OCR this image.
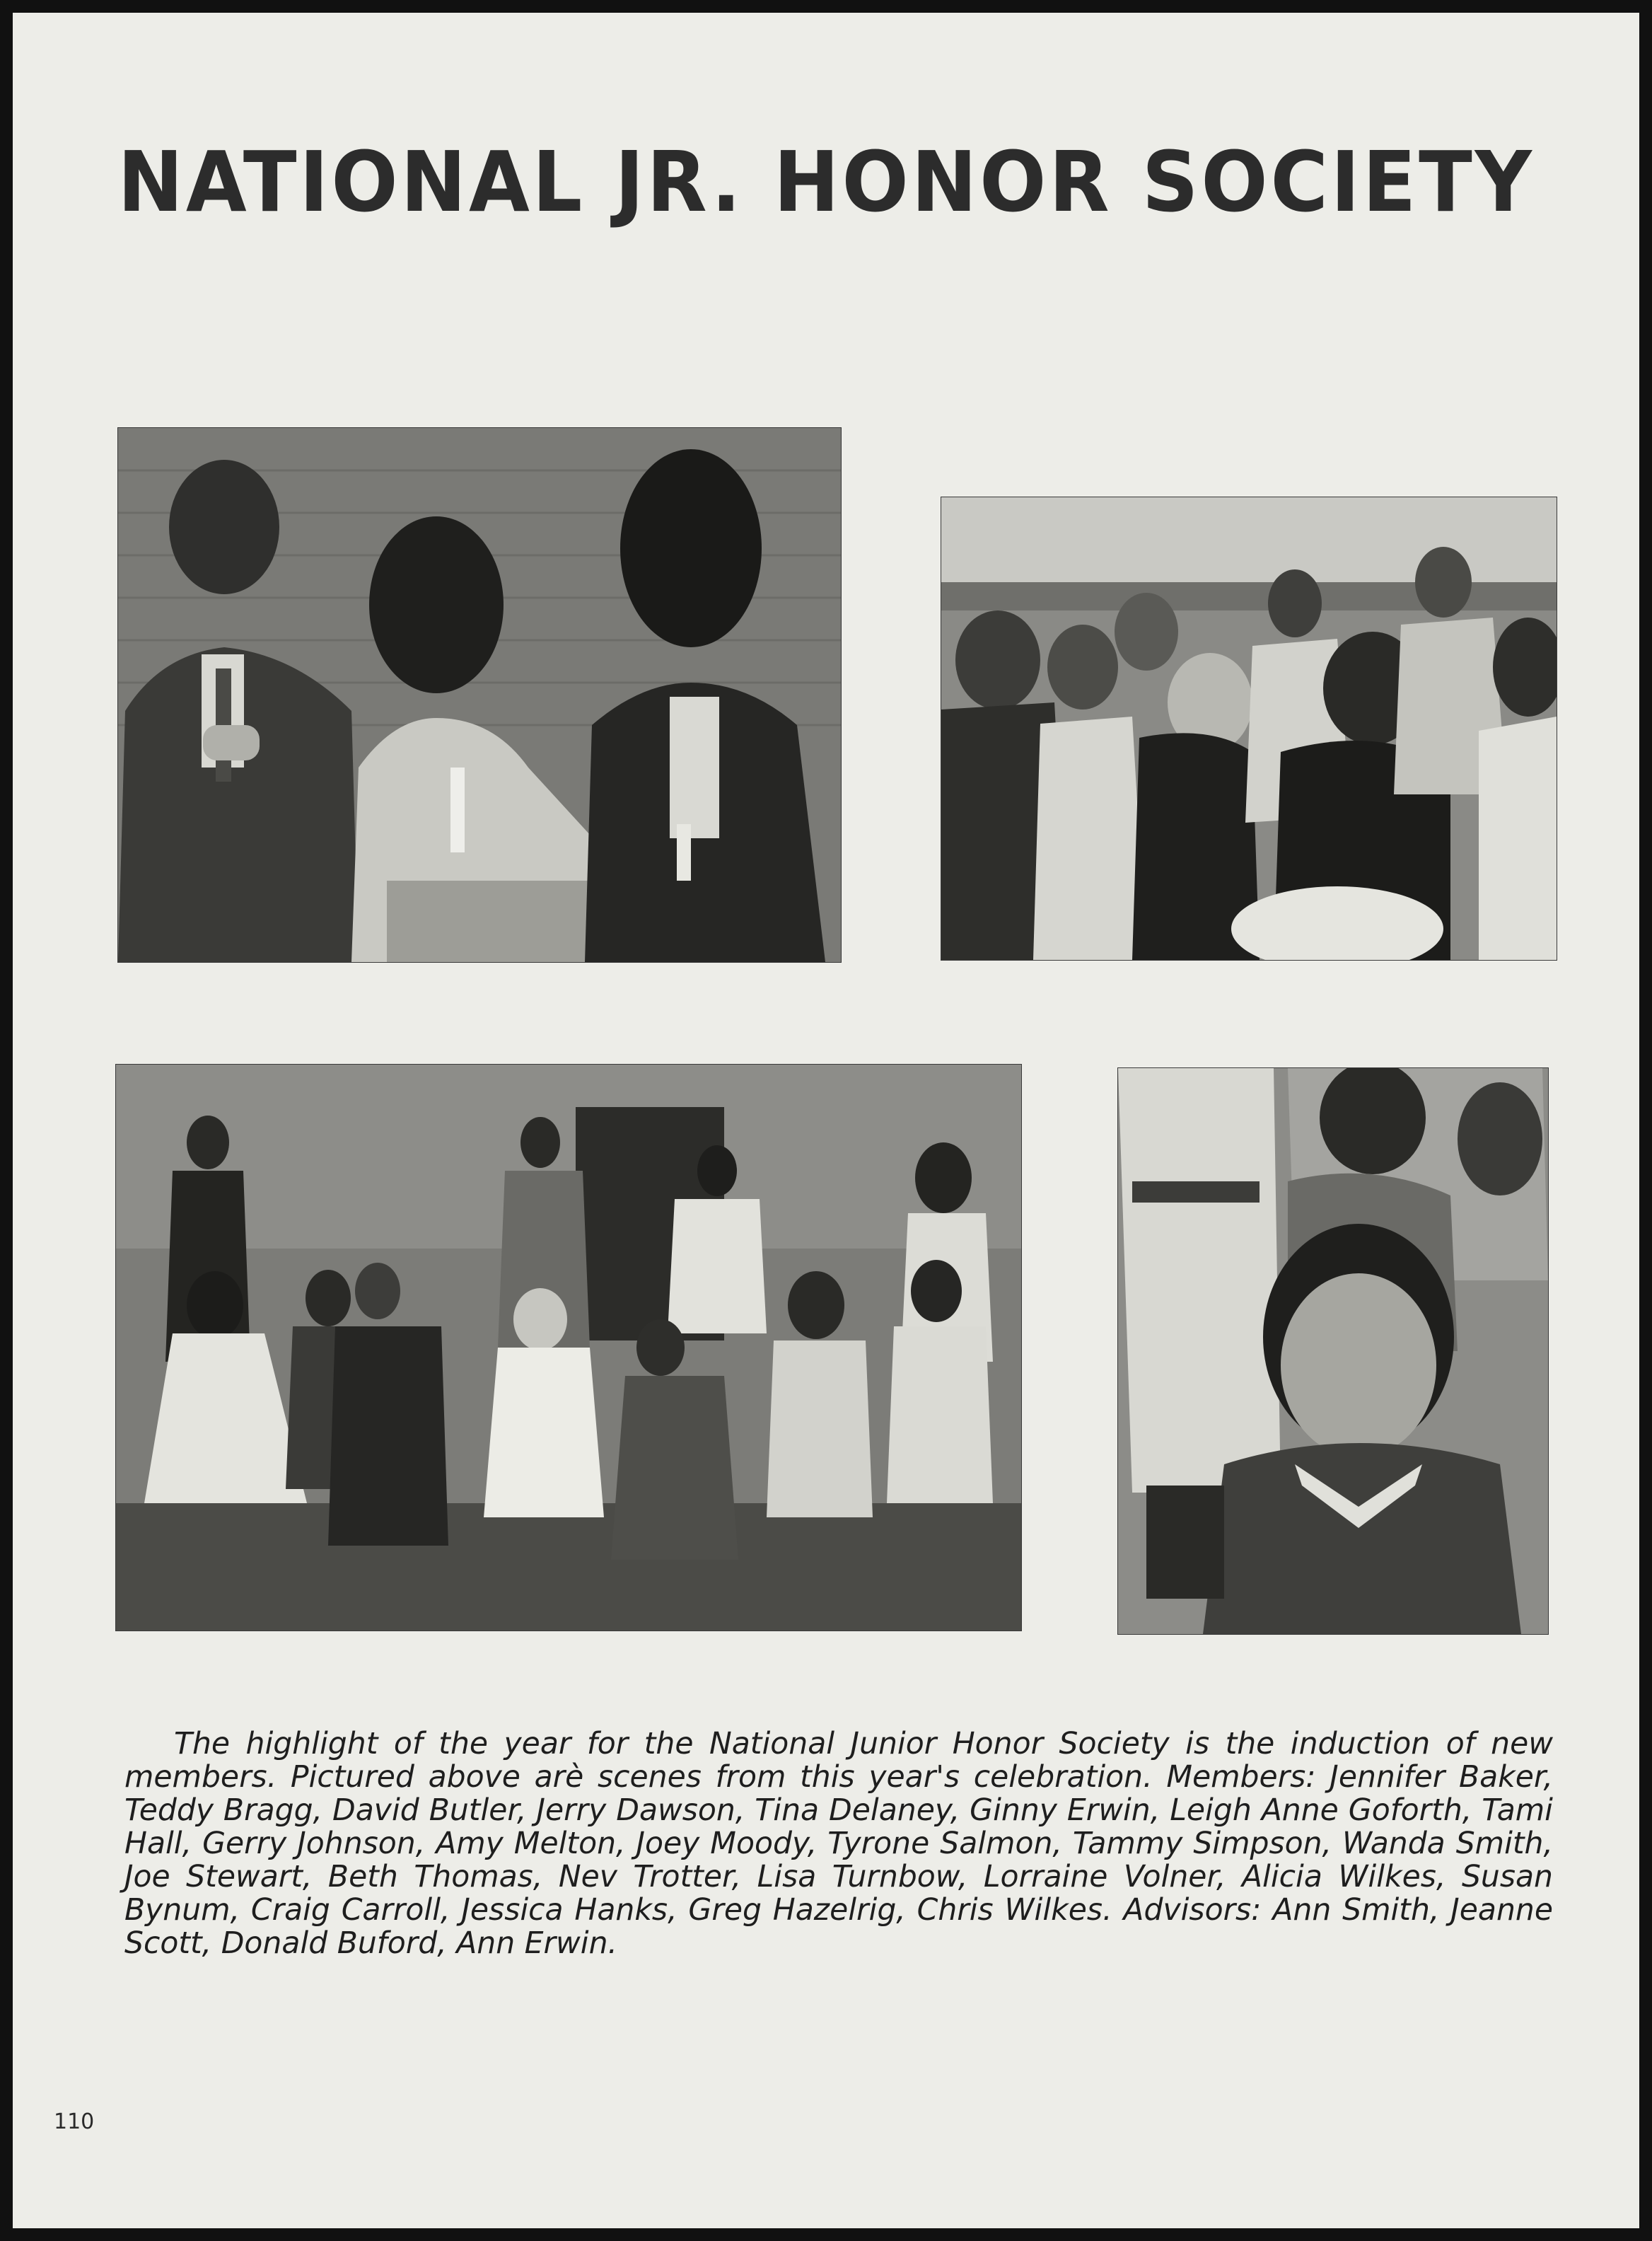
NATIONAL JR. HONOR SOCIETY

The highlight of the year for the National Junior Honor Society is the induction of new members. Pictured above arè scenes from this year's celebration. Members: Jennifer Baker, Teddy Bragg, David Butler, Jerry Dawson, Tina Delaney, Ginny Erwin, Leigh Anne Goforth, Tami Hall, Gerry Johnson, Amy Melton, Joey Moody, Tyrone Salmon, Tammy Simpson, Wanda Smith, Joe Stewart, Beth Thomas, Nev Trotter, Lisa Turnbow, Lorraine Volner, Alicia Wilkes, Susan Bynum, Craig Carroll, Jessica Hanks, Greg Hazelrig, Chris Wilkes. Advisors: Ann Smith, Jeanne Scott, Donald Buford, Ann Erwin.

110
